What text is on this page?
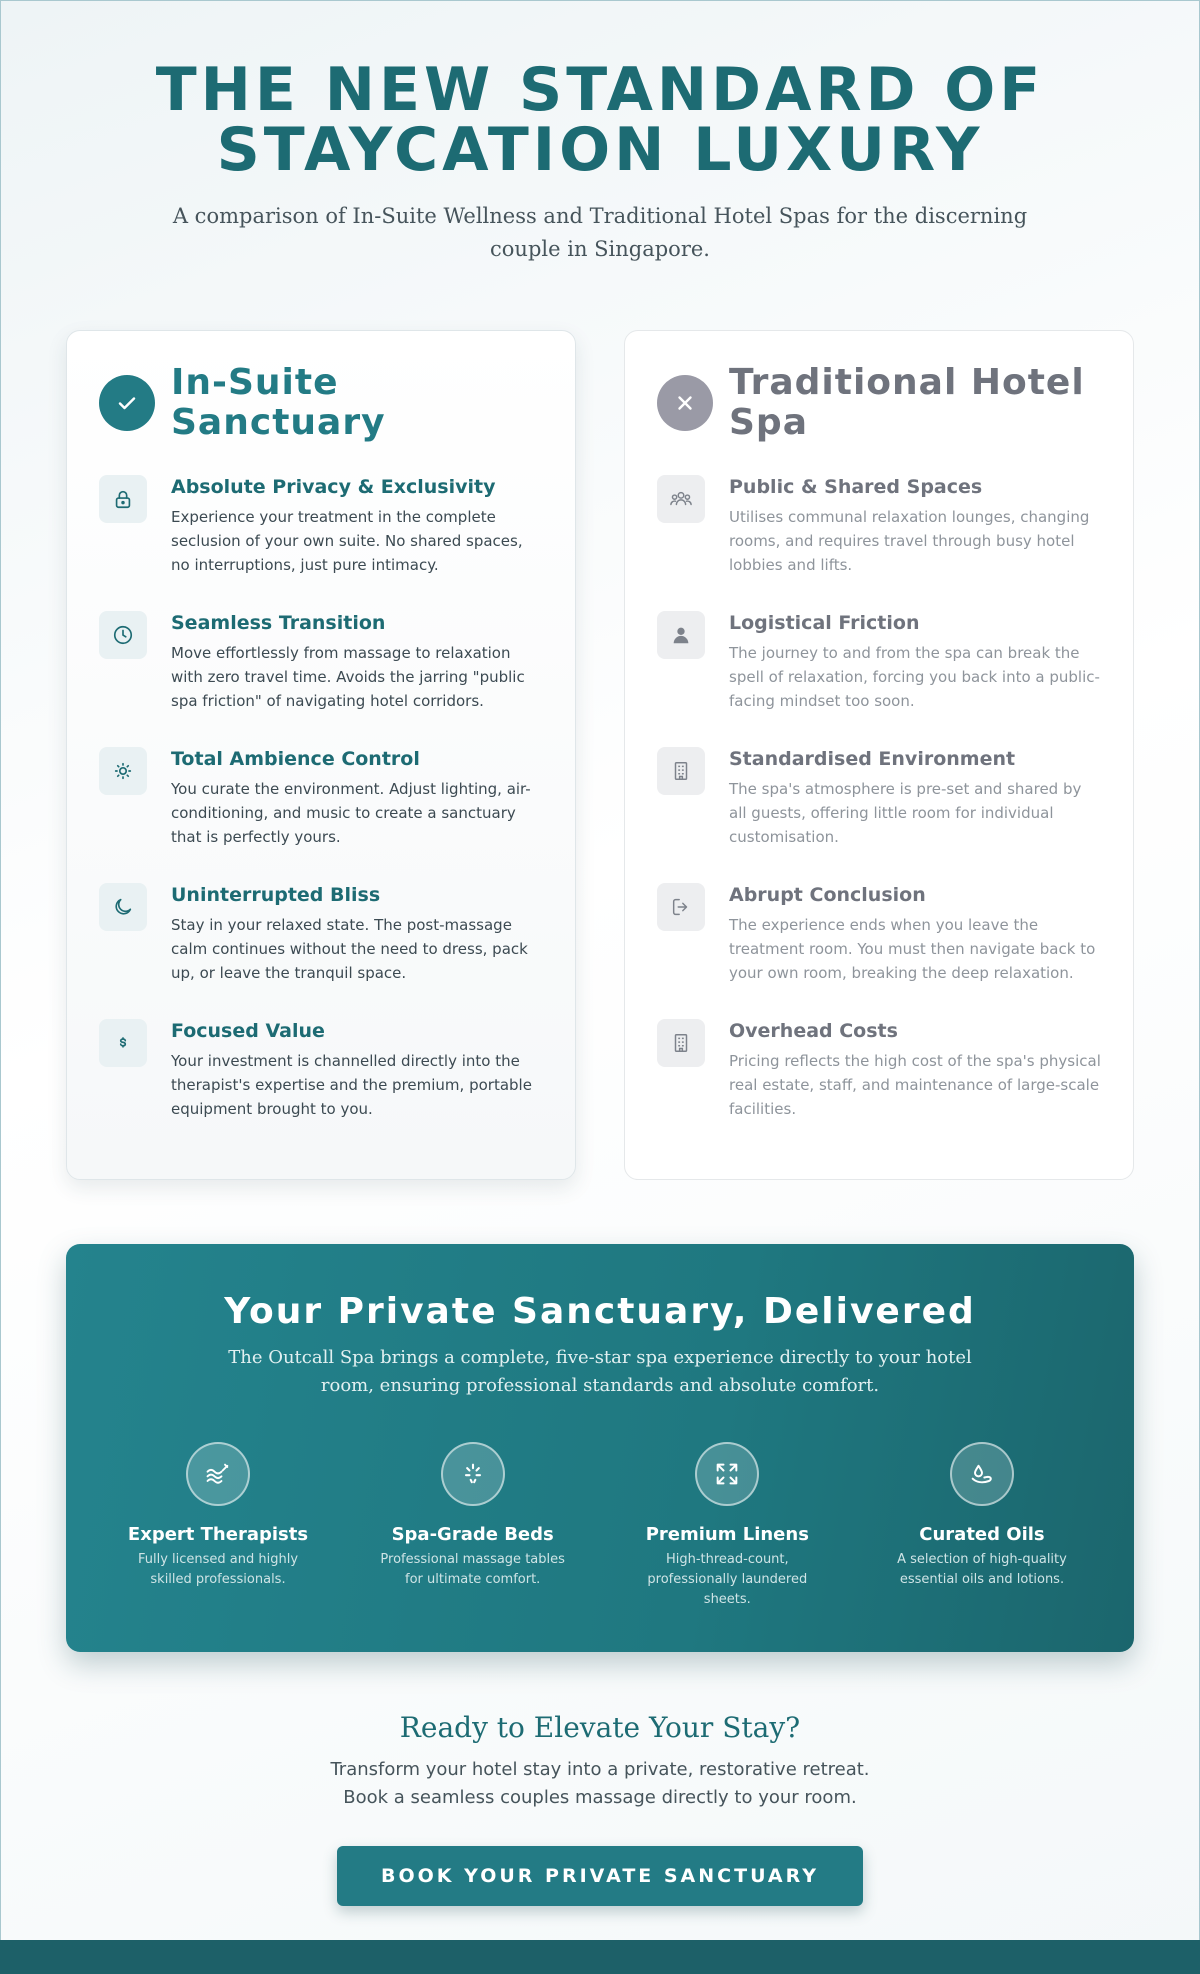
THE NEW STANDARD OF
STAYCATION LUXURY

A comparison of In-Suite Wellness and Traditional Hotel Spas for the discerning couple in Singapore.

In-Suite Sanctuary
Absolute Privacy & Exclusivity

Experience your treatment in the complete seclusion of your own suite. No shared spaces, no interruptions, just pure intimacy.

Seamless Transition

Move effortlessly from massage to relaxation with zero travel time. Avoids the jarring "public spa friction" of navigating hotel corridors.

Total Ambience Control

You curate the environment. Adjust lighting, air-conditioning, and music to create a sanctuary that is perfectly yours.

Uninterrupted Bliss

Stay in your relaxed state. The post-massage calm continues without the need to dress, pack up, or leave the tranquil space.

Focused Value

Your investment is channelled directly into the therapist's expertise and the premium, portable equipment brought to you.

Traditional Hotel Spa
Public & Shared Spaces

Utilises communal relaxation lounges, changing rooms, and requires travel through busy hotel lobbies and lifts.

Logistical Friction

The journey to and from the spa can break the spell of relaxation, forcing you back into a public-facing mindset too soon.

Standardised Environment

The spa's atmosphere is pre-set and shared by all guests, offering little room for individual customisation.

Abrupt Conclusion

The experience ends when you leave the treatment room. You must then navigate back to your own room, breaking the deep relaxation.

Overhead Costs

Pricing reflects the high cost of the spa's physical real estate, staff, and maintenance of large-scale facilities.

Your Private Sanctuary, Delivered

The Outcall Spa brings a complete, five-star spa experience directly to your hotel room, ensuring professional standards and absolute comfort.

Expert Therapists

Fully licensed and highly skilled professionals.

Spa-Grade Beds

Professional massage tables for ultimate comfort.

Premium Linens

High-thread-count, professionally laundered sheets.

Curated Oils

A selection of high-quality essential oils and lotions.

Ready to Elevate Your Stay?

Transform your hotel stay into a private, restorative retreat.

Book a seamless couples massage directly to your room.

BOOK YOUR PRIVATE SANCTUARY
